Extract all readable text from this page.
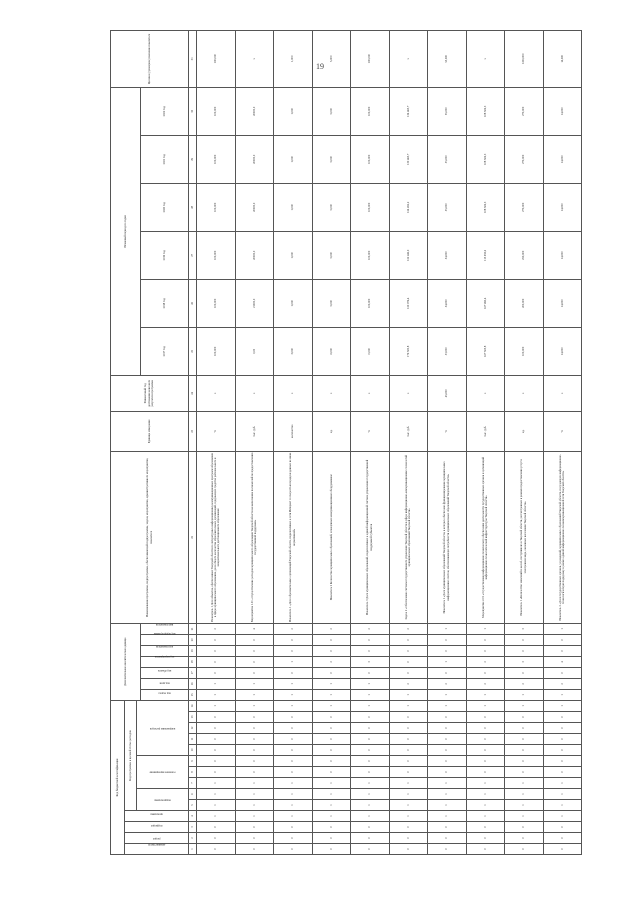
19
Код бюджетной классификации														Дополнительная аналитическая единица							Наименование программы, подпрограммы, обеспечивающей подпрограммы, задачи, мероприятия, административного мероприятия, показателя	Единица измерения	Финансовый год достижения конечного результата программы	Плановый период по годам						Целевое (суммарное) значение показателя
администратор	раздел	подраздел	программа	Код программы в целевой статье расходов																										
				подпрограмма		основное мероприятие			направление расходов																					
														код отдела	код цели	код объекта	код мероприятия	код показателя	код подпрограммы	вид показателя				2017 год	2018 год	2019 год	2020 год	2021 год	2022 год	
1	2	3	4	5	6	7	8	9	10	11	12	13	14	15	16	17	18	19	20	21	22	23	24	25	26	27	28	29	30	31
0	0	0	1	1	1	1	0	0	0	0	0	0	1	1	1	0	0	0	0	2	Показатель 1 Доля объектов, обеспеченных Тверской области по литературных информационных коммуникационных программ образования в сфере муниципального образования, доля общего количества образовательных организаций, содержащих средства регионального и межрегионального дистанционного образования	%	х	100,000	100,000	100,000	100,000	100,000	100,000	100,000
0	0	0	1	1	1	1	0	0	0	0	0	0	1	1	1	0	0	0	0	4	Мероприятие 1.01 «Осуществление расходов муниципального образования Тверской области на выполнение полномочий по предоставлению государственной поддержки»	тыс. руб.	х	0,00	21000,0	20000,0	20000,0	20000,0	20000,0	х
0	0	0	1	1	1	1	0	0	0	0	0	0	1	1	1	0	1	0	0	2	Показатель 1 «Доля образовательных организаций Тверской области, подключённых к сети Интернет со скоростью передачи данных не ниже нормативной»	количество	х	3,000	1,000	1,000	1,000	1,000	1,000	1,000
0	0	0	1	1	1	1	0	0	0	0	0	0	1	1	1	0	2	0	0	2	Показатель 2 Количество муниципальных образований, оснащённых коммуникационным оборудованием	ед.	х	6,000	5,000	5,000	5,000	5,000	5,000	5,000
0	0	0	1	1	1	1	0	0	0	0	0	0	1	1	1	0	3	0	0	2	Показатель 3 Доля муниципальных образований, подключённых к единой информационной системе управления государственной поддержкой субъектов	%	х	0,000	100,000	100,000	100,000	100,000	100,000	100,000
0	0	0	1	1	1	1	0	0	0	0	0	0	1	1	2	0	0	0	0	2	Задача 2 «Обеспечение системы государственного управления Тверской области в сфере информационно-коммуникационных технологий муниципальных образований Тверской области»	тыс. руб.	х	176 500,8	120 074,4	122 442,0	124 452,2	130 465,7	134 465,7	х
0	0	0	1	1	1	1	0	0	0	0	0	0	1	1	2	0	1	0	0	1	Показатель 1 «Доля муниципальных образований Тверской области, в которых обеспечено функционирование муниципальных информационных систем, обеспечивающих потребности муниципальных образований Тверской области»	%	45,000	53,000	54,000	54,000	55,000	55,000	55,000	55,000
0	0	0	1	1	1	1	0	0	0	0	0	0	1	1	2	0	2	0	0	1	Мероприятие 2.01 «Осуществление информационно-технического обеспечения деятельности государственных органов и организаций информационно-технологической инфраструктуры Тверской области»	тыс. руб.	х	167 505,8	167 490,4	115 950,6	108 506,3	108 506,3	108 506,3	х
0	0	0	1	1	1	1	0	0	0	0	0	0	1	1	2	0	3	0	0	3	Показатель 1 «Количество заявлений и жалоб, поступивших в Тверской области, рассмотренных в режиме предоставления услуг в электронном виде, оказанных населению Тверской области»	ед.	х	100,000	200,000	250,000	270,000	270,000	270,000	1200,000
0	0	0	1	1	1	1	0	0	0	0	0	0	1	1	2	0	4	0	0	1	Показатель 2 «Доля государственных органов, учреждений, муниципальных образований Тверской области, получающих информационно-технологическую поддержку в рамках единой информационно-телекоммуникационной сети Тверской области»	%	х	14,000	14,000	14,000	14,000	14,000	14,000	14,000
